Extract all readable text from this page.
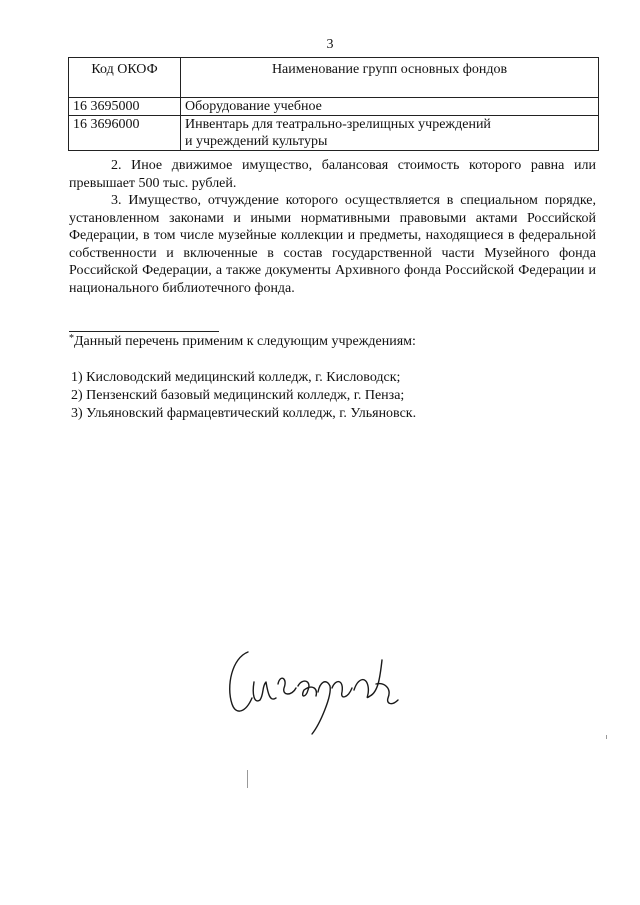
3
Код ОКОФ	Наименование групп основных фондов
16 3695000	Оборудование учебное
16 3696000	Инвентарь для театрально-зрелищных учреждений
и учреждений культуры

2. Иное движимое имущество, балансовая стоимость которого равна или превышает 500 тыс. рублей.

3. Имущество, отчуждение которого осуществляется в специальном порядке, установленном законами и иными нормативными правовыми актами Российской Федерации, в том числе музейные коллекции и предметы, находящиеся в федеральной собственности и включенные в состав государственной части Музейного фонда Российской Федерации, а также документы Архивного фонда Российской Федерации и национального библиотечного фонда.

*Данный перечень применим к следующим учреждениям:
1) Кисловодский медицинский колледж, г. Кисловодск;
2) Пензенский базовый медицинский колледж, г. Пенза;
3) Ульяновский фармацевтический колледж, г. Ульяновск.
